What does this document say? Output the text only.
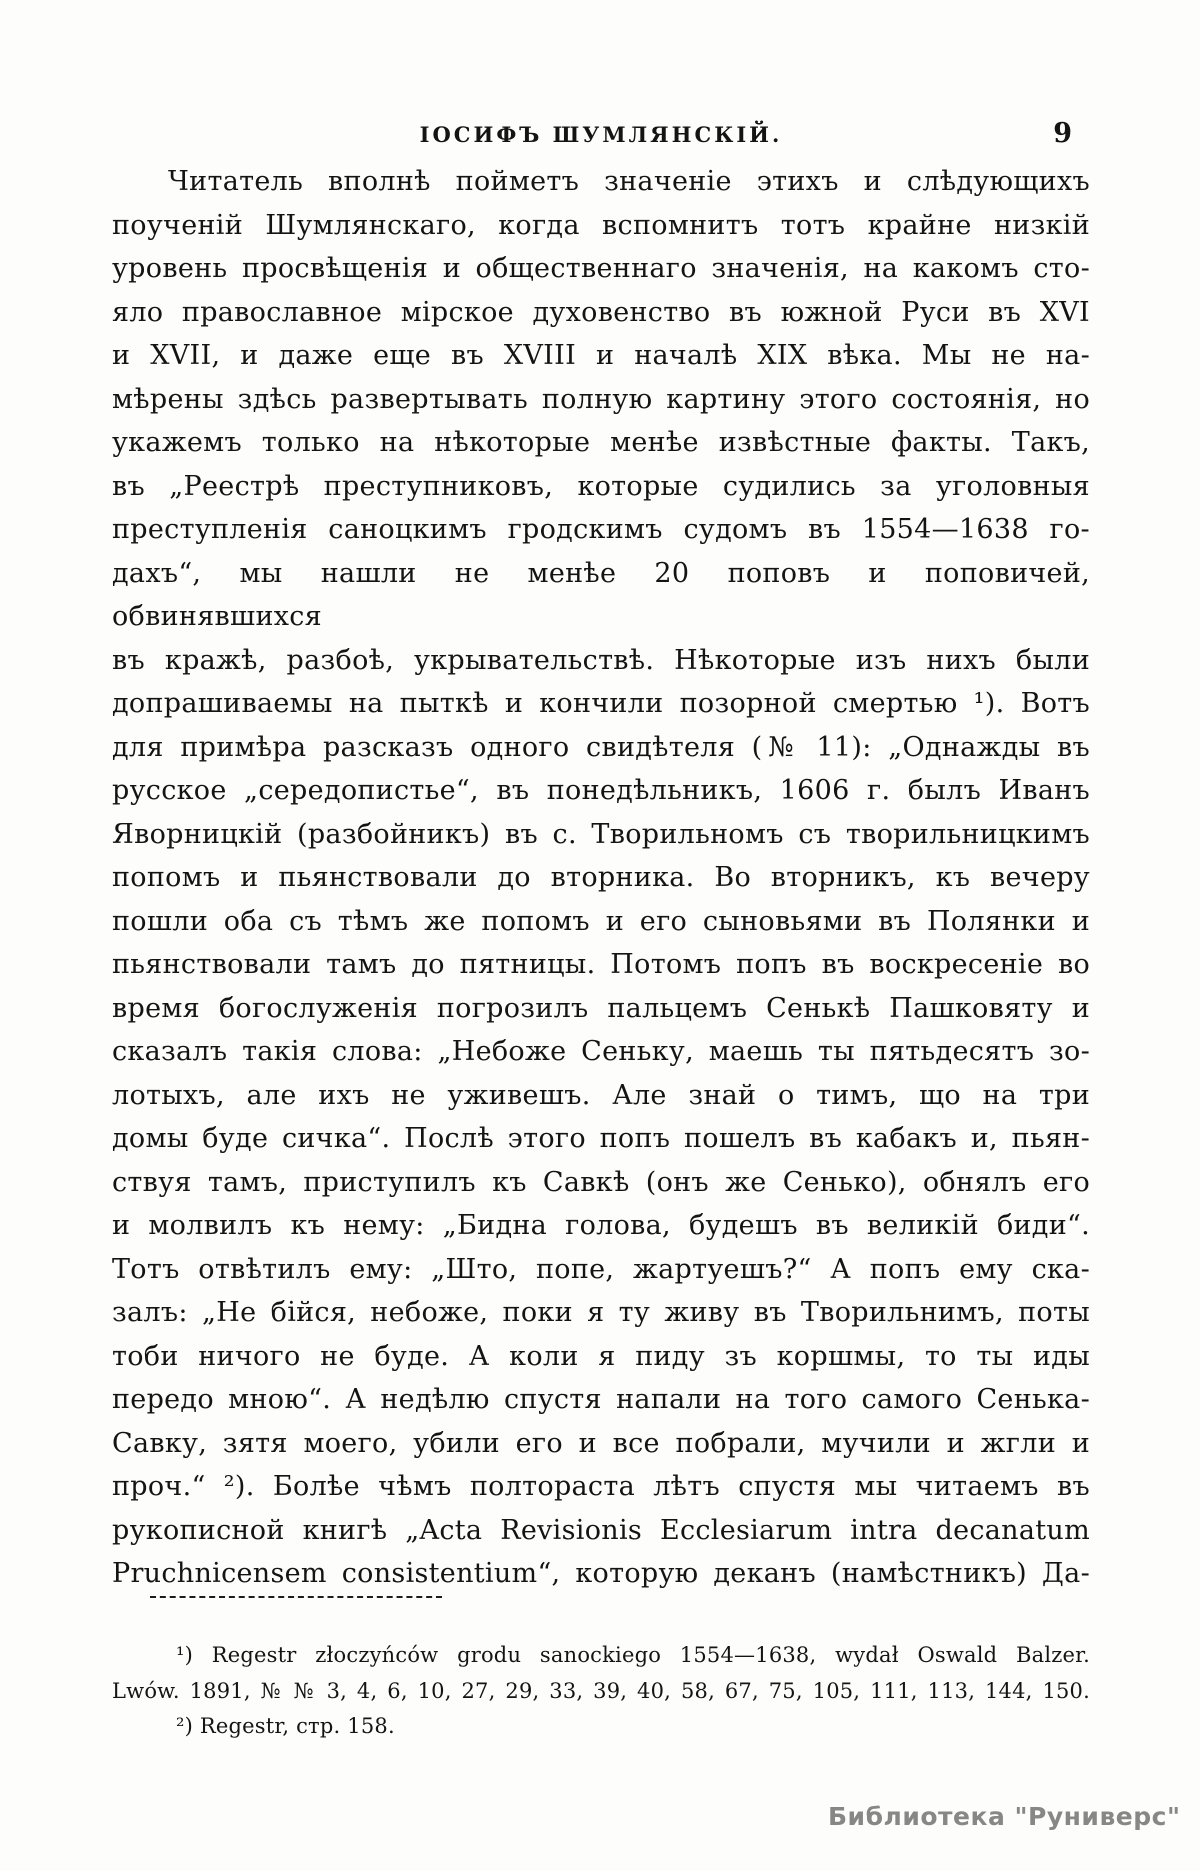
ІОСИФЪ ШУМЛЯНСКІЙ.	9
Читатель вполнѣ пойметъ значеніе этихъ и слѣдующихъ
поученій Шумлянскаго, когда вспомнитъ тотъ крайне низкій
уровень просвѣщенія и общественнаго значенія, на какомъ сто-
яло православное мірское духовенство въ южной Руси въ XVI
и XVII, и даже еще въ XVIII и началѣ XIX вѣка. Мы не на-
мѣрены здѣсь развертывать полную картину этого состоянія, но
укажемъ только на нѣкоторые менѣе извѣстные факты. Такъ,
въ „Реестрѣ преступниковъ, которые судились за уголовныя
преступленія саноцкимъ гродскимъ судомъ въ 1554—1638 го-
дахъ“, мы нашли не менѣе 20 поповъ и поповичей, обвинявшихся
въ кражѣ, разбоѣ, укрывательствѣ. Нѣкоторые изъ нихъ были
допрашиваемы на пыткѣ и кончили позорной смертью ¹). Вотъ
для примѣра разсказъ одного свидѣтеля (№ 11): „Однажды въ
русское „середопистье“, въ понедѣльникъ, 1606 г. былъ Иванъ
Яворницкій (разбойникъ) въ с. Творильномъ съ творильницкимъ
попомъ и пьянствовали до вторника. Во вторникъ, къ вечеру
пошли оба съ тѣмъ же попомъ и его сыновьями въ Полянки и
пьянствовали тамъ до пятницы. Потомъ попъ въ воскресеніе во
время богослуженія погрозилъ пальцемъ Сенькѣ Пашковяту и
сказалъ такія слова: „Небоже Сеньку, маешь ты пятьдесятъ зо-
лотыхъ, але ихъ не уживешъ. Але знай о тимъ, що на три
домы буде сичка“. Послѣ этого попъ пошелъ въ кабакъ и, пьян-
ствуя тамъ, приступилъ къ Савкѣ (онъ же Сенько), обнялъ его
и молвилъ къ нему: „Бидна голова, будешъ въ великій биди“.
Тотъ отвѣтилъ ему: „Што, попе, жартуешъ?“ А попъ ему ска-
залъ: „Не бійся, небоже, поки я ту живу въ Творильнимъ, поты
тоби ничого не буде. А коли я пиду зъ коршмы, то ты иды
передо мною“. А недѣлю спустя напали на того самого Сенька-
Савку, зятя моего, убили его и все побрали, мучили и жгли и
проч.“ ²). Болѣе чѣмъ полтораста лѣтъ спустя мы читаемъ въ
рукописной книгѣ „Acta Revisionis Ecclesiarum intra decanatum
Pruchnicensem consistentium“, которую деканъ (намѣстникъ) Да-
¹) Regestr złoczyńców grodu sanockiego 1554—1638, wydał Oswald Balzer.
Lwów. 1891, № № 3, 4, 6, 10, 27, 29, 33, 39, 40, 58, 67, 75, 105, 111, 113, 144, 150.
²) Regestr, стр. 158.
Библиотека "Руниверс"
